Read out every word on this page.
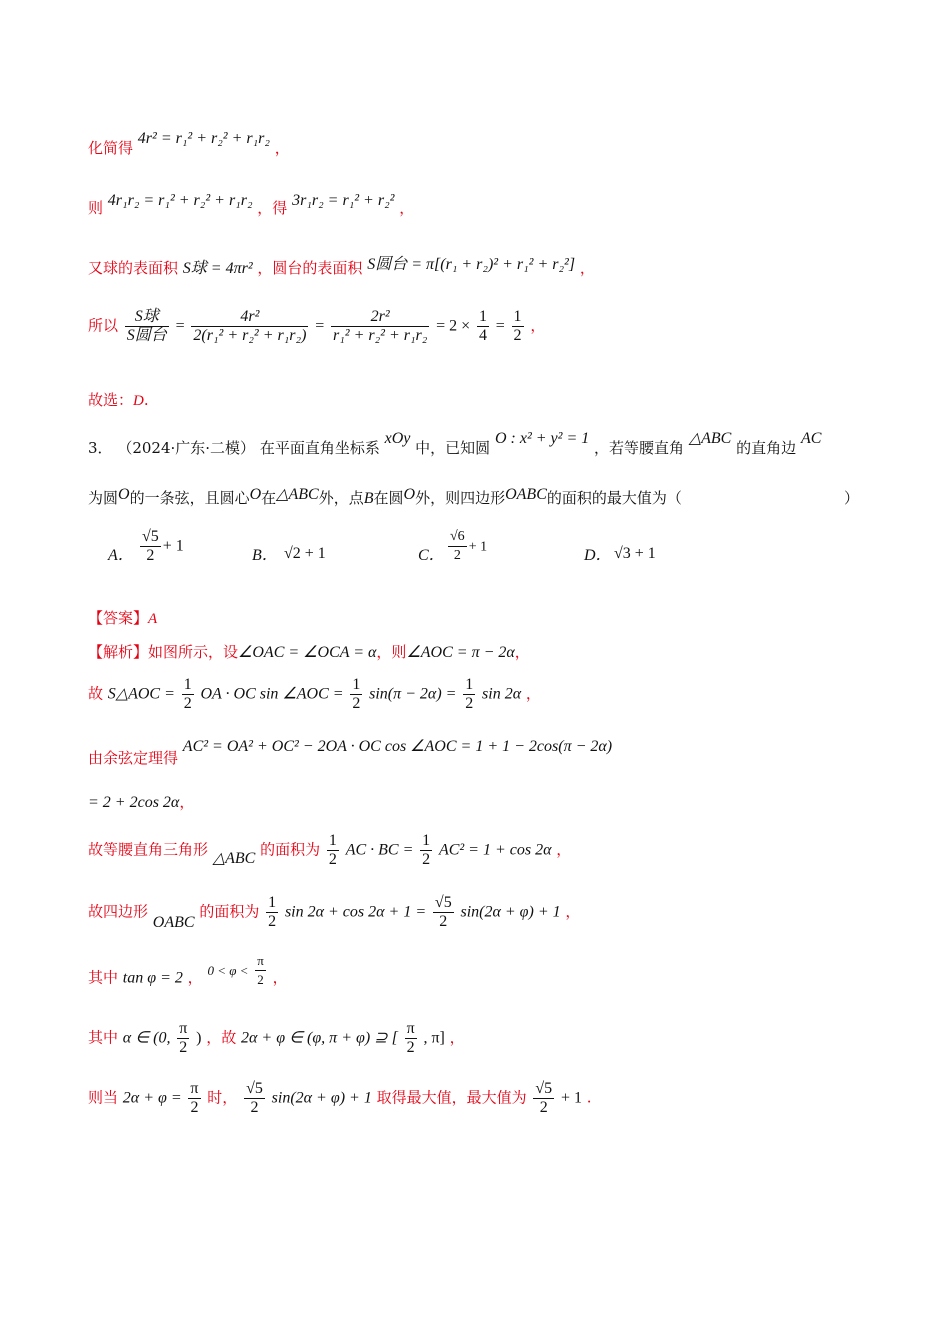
化简得 4r² = r₁² + r₂² + r₁r₂ ，
则 4r₁r₂ = r₁² + r₂² + r₁r₂ ，得 3r₁r₂ = r₁² + r₂² ，
又球的表面积 S球 = 4πr² ，圆台的表面积 S圆台 = π[(r₁ + r₂)² + r₁² + r₂²] ，
所以 $\frac{\text{S球}}{\text{S圆台}} = \frac{\text{4r²}}{\text{2(r₁² + r₂² + r₁r₂)}} = \frac{\text{2r²}}{\text{r₁² + r₂² + r₁r₂}} = 2 \times \frac{1}{4} = \frac{1}{2}$ ，
故选：D.
3． （2024·广东·二模） 在平面直角坐标系 xOy 中，已知圆 O : x² + y² = 1 ，若等腰直角 △ABC 的直角边 AC
为圆O的一条弦，且圆心O在△ABC外，点B在圆O外，则四边形OABC的面积的最大值为（	）
A． $\frac{√5}{2} + 1$
B． √2 + 1	C． $\frac{√6}{2} + 1$	D． √3 + 1
【答案】A
【解析】如图所示，设∠OAC = ∠OCA = α，则∠AOC = π − 2α，
故 S△AOC = $\frac{1}{2}$ OA · OC sin ∠AOC = $\frac{1}{2} \sin(\pi - 2\alpha) = \frac{1}{2}$ sin 2α ，
由余弦定理得 AC² = OA² + OC² − 2OA · OC cos ∠AOC = 1 + 1 − 2cos(π − 2α)
= 2 + 2cos 2α，
故等腰直角三角形 △ABC 的面积为 $\frac{1}{2}$ AC · BC = $\frac{1}{2} AC^2 = 1 + \cos 2\alpha$ ，
故四边形 OABC 的面积为 $\frac{1}{2}$ $\sin 2\alpha + \cos 2\alpha + 1 = \frac{√5}{2} \sin(2\alpha + \varphi) + 1$ ，
其中 tan φ = 2 ， $0 < \varphi < \frac{\pi}{2}$ ，
其中 α ∈ (0, $\frac{\pi}{2}$ ) ，故 2α + φ ∈ (φ, π + φ) ⊇ [ $\frac{\pi}{2}$ , π] ，
则当 $2\alpha + \varphi = \frac{\pi}{2}$ 时， $\frac{√5}{2} \sin(2\alpha + \varphi) + 1$ 取得最大值，最大值为 $\frac{√5}{2} + 1$ .
